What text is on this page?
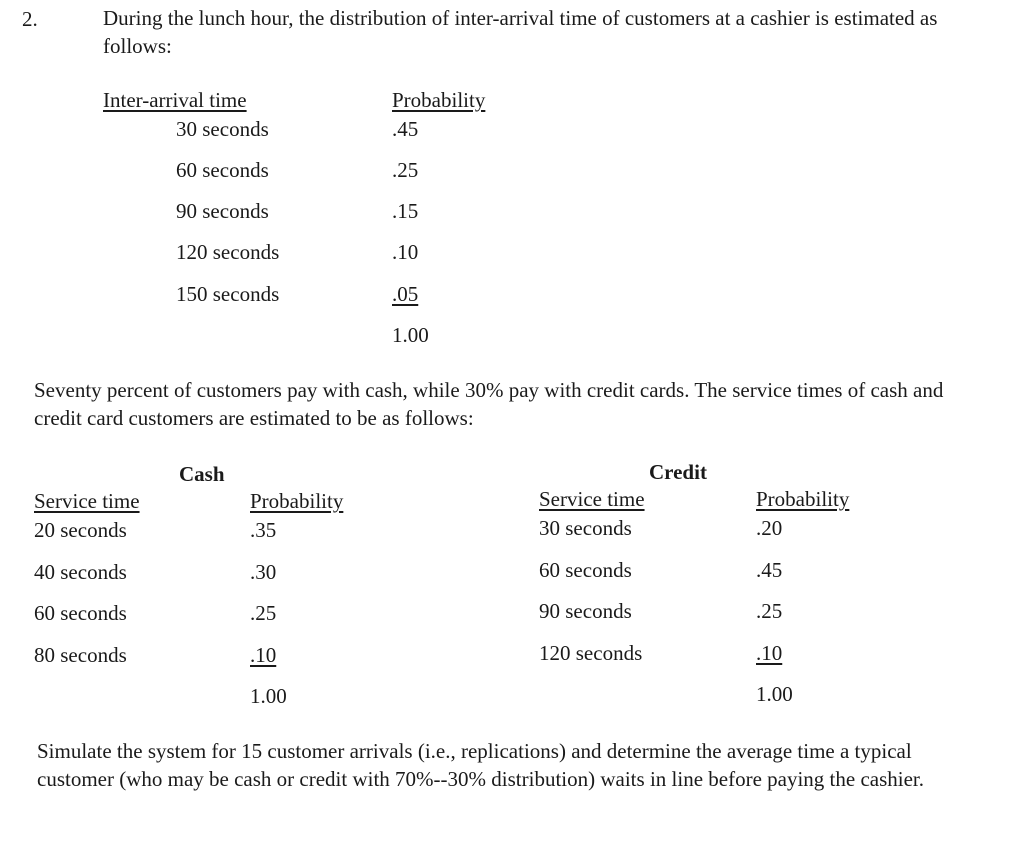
2.	During the lunch hour, the distribution of inter-arrival time of customers at a cashier is estimated as follows:
Inter-arrival time	Probability
30 seconds	.45
60 seconds	.25
90 seconds	.15
120 seconds	.10
150 seconds	.05
1.00
Seventy percent of customers pay with cash, while 30% pay with credit cards. The service times of cash and credit card customers are estimated to be as follows:
Cash
Service time	Probability
20 seconds	.35
40 seconds	.30
60 seconds	.25
80 seconds	.10
1.00
Credit
Service time	Probability
30 seconds	.20
60 seconds	.45
90 seconds	.25
120 seconds	.10
1.00
Simulate the system for 15 customer arrivals (i.e., replications) and determine the average time a typical customer (who may be cash or credit with 70%--30% distribution) waits in line before paying the cashier.
